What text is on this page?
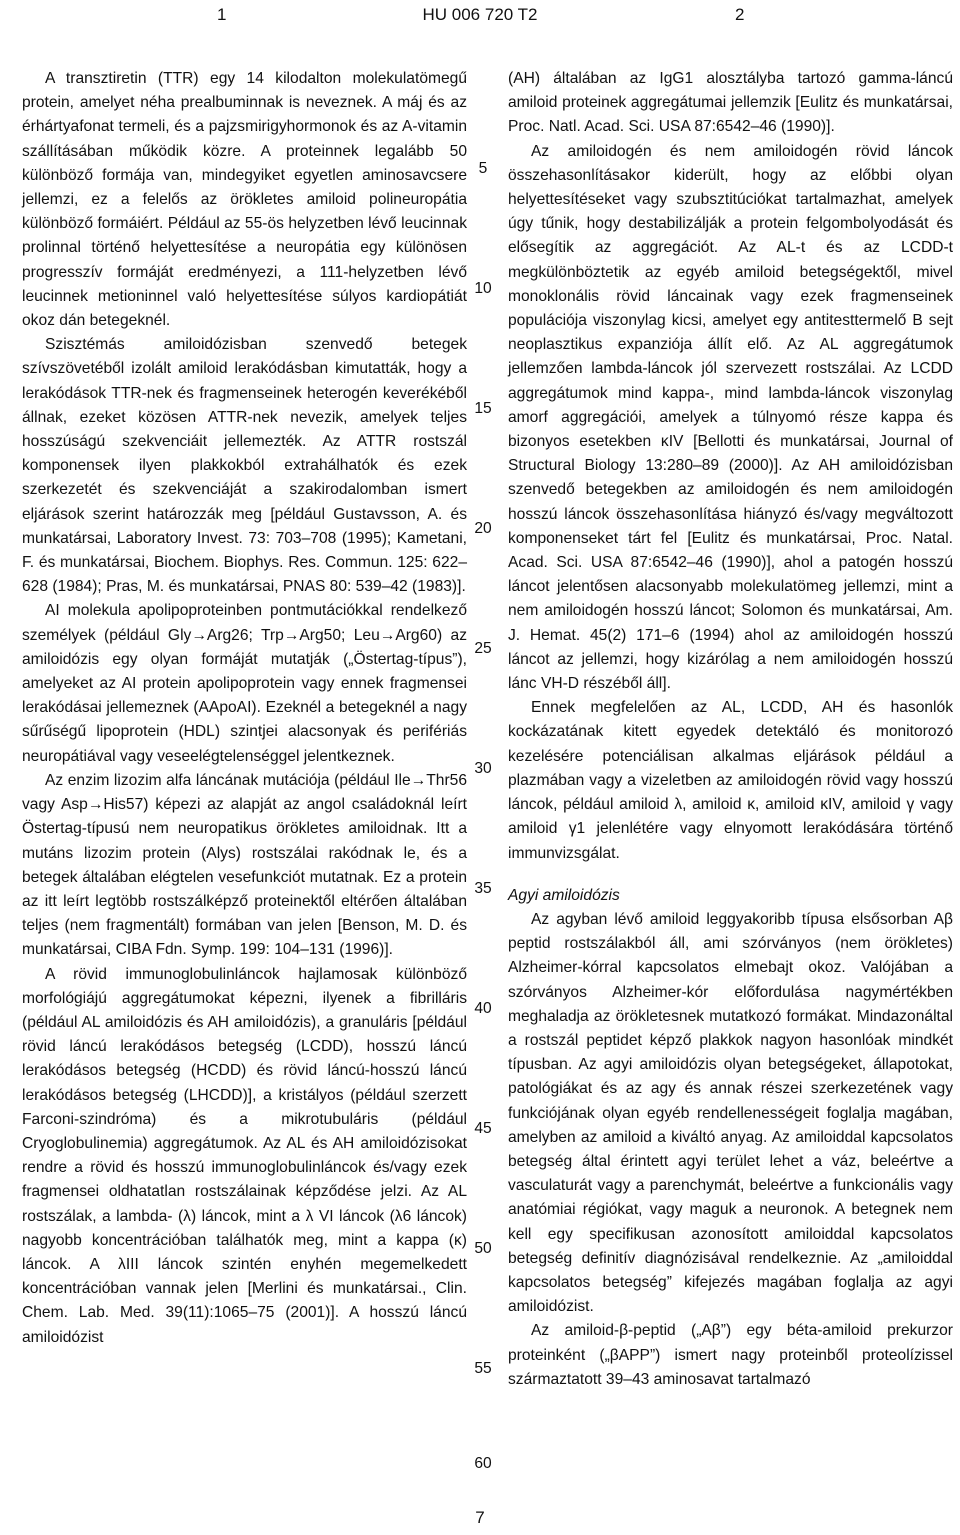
1	HU 006 720 T2	2

A transztiretin (TTR) egy 14 kilodalton molekulatömegű protein, amelyet néha prealbuminnak is neveznek. A máj és az érhártyafonat termeli, és a pajzsmirigyhormonok és az A-vitamin szállításában működik közre. A proteinnek legalább 50 különböző formája van, mindegyiket egyetlen aminosavcsere jellemzi, ez a felelős az örökletes amiloid polineuropátia különböző formáiért. Például az 55-ös helyzetben lévő leucinnak prolinnal történő helyettesítése a neuropátia egy különösen progresszív formáját eredményezi, a 111-helyzetben lévő leucinnek metioninnel való helyettesítése súlyos kardiopátiát okoz dán betegeknél.

Szisztémás amiloidózisban szenvedő betegek szívszövetéből izolált amiloid lerakódásban kimutatták, hogy a lerakódások TTR-nek és fragmenseinek heterogén keverékéből állnak, ezeket közösen ATTR-nek nevezik, amelyek teljes hosszúságú szekvenciáit jellemezték. Az ATTR rostszál komponensek ilyen plakkokból extrahálhatók és ezek szerkezetét és szekvenciáját a szakirodalomban ismert eljárások szerint határozzák meg [például Gustavsson, A. és munkatársai, Laboratory Invest. 73: 703–708 (1995); Kametani, F. és munkatársai, Biochem. Biophys. Res. Commun. 125: 622–628 (1984); Pras, M. és munkatársai, PNAS 80: 539–42 (1983)].

AI molekula apolipoproteinben pontmutációkkal rendelkező személyek (például Gly→Arg26; Trp→Arg50; Leu→Arg60) az amiloidózis egy olyan formáját mutatják („Östertag-típus”), amelyeket az AI protein apolipoprotein vagy ennek fragmensei lerakódásai jellemeznek (AApoAI). Ezeknél a betegeknél a nagy sűrűségű lipoprotein (HDL) szintjei alacsonyak és perifériás neuropátiával vagy veseelégtelenséggel jelentkeznek.

Az enzim lizozim alfa láncának mutációja (például Ile→Thr56 vagy Asp→His57) képezi az alapját az angol családoknál leírt Östertag-típusú nem neuropatikus örökletes amiloidnak. Itt a mutáns lizozim protein (Alys) rostszálai rakódnak le, és a betegek általában elégtelen vesefunkciót mutatnak. Ez a protein az itt leírt legtöbb rostszálképző proteinektől eltérően általában teljes (nem fragmentált) formában van jelen [Benson, M. D. és munkatársai, CIBA Fdn. Symp. 199: 104–131 (1996)].

A rövid immunoglobulinláncok hajlamosak különböző morfológiájú aggregátumokat képezni, ilyenek a fibrilláris (például AL amiloidózis és AH amiloidózis), a granuláris [például rövid láncú lerakódásos betegség (LCDD), hosszú láncú lerakódásos betegség (HCDD) és rövid láncú-hosszú láncú lerakódásos betegség (LHCDD)], a kristályos (például szerzett Farconi-szindróma) és a mikrotubuláris (például Cryoglobulinemia) aggregátumok. Az AL és AH amiloidózisokat rendre a rövid és hosszú immunoglobulinláncok és/vagy ezek fragmensei oldhatatlan rostszálainak képződése jelzi. Az AL rostszálak, a lambda- (λ) láncok, mint a λ VI láncok (λ6 láncok) nagyobb koncentrációban találhatók meg, mint a kappa (κ) láncok. A λIII láncok szintén enyhén megemelkedett koncentrációban vannak jelen [Merlini és munkatársai., Clin. Chem. Lab. Med. 39(11):1065–75 (2001)]. A hosszú láncú amiloidózist

5
10
15
20
25
30
35
40
45
50
55
60

(AH) általában az IgG1 alosztályba tartozó gamma-láncú amiloid proteinek aggregátumai jellemzik [Eulitz és munkatársai, Proc. Natl. Acad. Sci. USA 87:6542–46 (1990)].

Az amiloidogén és nem amiloidogén rövid láncok összehasonlításakor kiderült, hogy az előbbi olyan helyettesítéseket vagy szubsztitúciókat tartalmazhat, amelyek úgy tűnik, hogy destabilizálják a protein felgombolyodását és elősegítik az aggregációt. Az AL-t és az LCDD-t megkülönböztetik az egyéb amiloid betegségektől, mivel monoklonális rövid láncainak vagy ezek fragmenseinek populációja viszonylag kicsi, amelyet egy antitesttermelő B sejt neoplasztikus expanziója állít elő. Az AL aggregátumok jellemzően lambda-láncok jól szervezett rostszálai. Az LCDD aggregátumok mind kappa-, mind lambda-láncok viszonylag amorf aggregációi, amelyek a túlnyomó része kappa és bizonyos esetekben κIV [Bellotti és munkatársai, Journal of Structural Biology 13:280–89 (2000)]. Az AH amiloidózisban szenvedő betegekben az amiloidogén és nem amiloidogén hosszú láncok összehasonlítása hiányzó és/vagy megváltozott komponenseket tárt fel [Eulitz és munkatársai, Proc. Natal. Acad. Sci. USA 87:6542–46 (1990)], ahol a patogén hosszú láncot jelentősen alacsonyabb molekulatömeg jellemzi, mint a nem amiloidogén hosszú láncot; Solomon és munkatársai, Am. J. Hemat. 45(2) 171–6 (1994) ahol az amiloidogén hosszú láncot az jellemzi, hogy kizárólag a nem amiloidogén hosszú lánc VH-D részéből áll].

Ennek megfelelően az AL, LCDD, AH és hasonlók kockázatának kitett egyedek detektáló és monitorozó kezelésére potenciálisan alkalmas eljárások például a plazmában vagy a vizeletben az amiloidogén rövid vagy hosszú láncok, például amiloid λ, amiloid κ, amiloid κIV, amiloid γ vagy amiloid γ1 jelenlétére vagy elnyomott lerakódására történő immunvizsgálat.

Agyi amiloidózis

Az agyban lévő amiloid leggyakoribb típusa elsősorban Aβ peptid rostszálakból áll, ami szórványos (nem örökletes) Alzheimer-kórral kapcsolatos elmebajt okoz. Valójában a szórványos Alzheimer-kór előfordulása nagymértékben meghaladja az örökletesnek mutatkozó formákat. Mindazonáltal a rostszál peptidet képző plakkok nagyon hasonlóak mindkét típusban. Az agyi amiloidózis olyan betegségeket, állapotokat, patológiákat és az agy és annak részei szerkezetének vagy funkciójának olyan egyéb rendellenességeit foglalja magában, amelyben az amiloid a kiváltó anyag. Az amiloiddal kapcsolatos betegség által érintett agyi terület lehet a váz, beleértve a vasculaturát vagy a parenchymát, beleértve a funkcionális vagy anatómiai régiókat, vagy maguk a neuronok. A betegnek nem kell egy specifikusan azonosított amiloiddal kapcsolatos betegség definitív diagnózisával rendelkeznie. Az „amiloiddal kapcsolatos betegség” kifejezés magában foglalja az agyi amiloidózist.

Az amiloid-β-peptid („Aβ”) egy béta-amiloid prekurzor proteinként („βAPP”) ismert nagy proteinből proteolízissel származtatott 39–43 aminosavat tartalmazó

7
